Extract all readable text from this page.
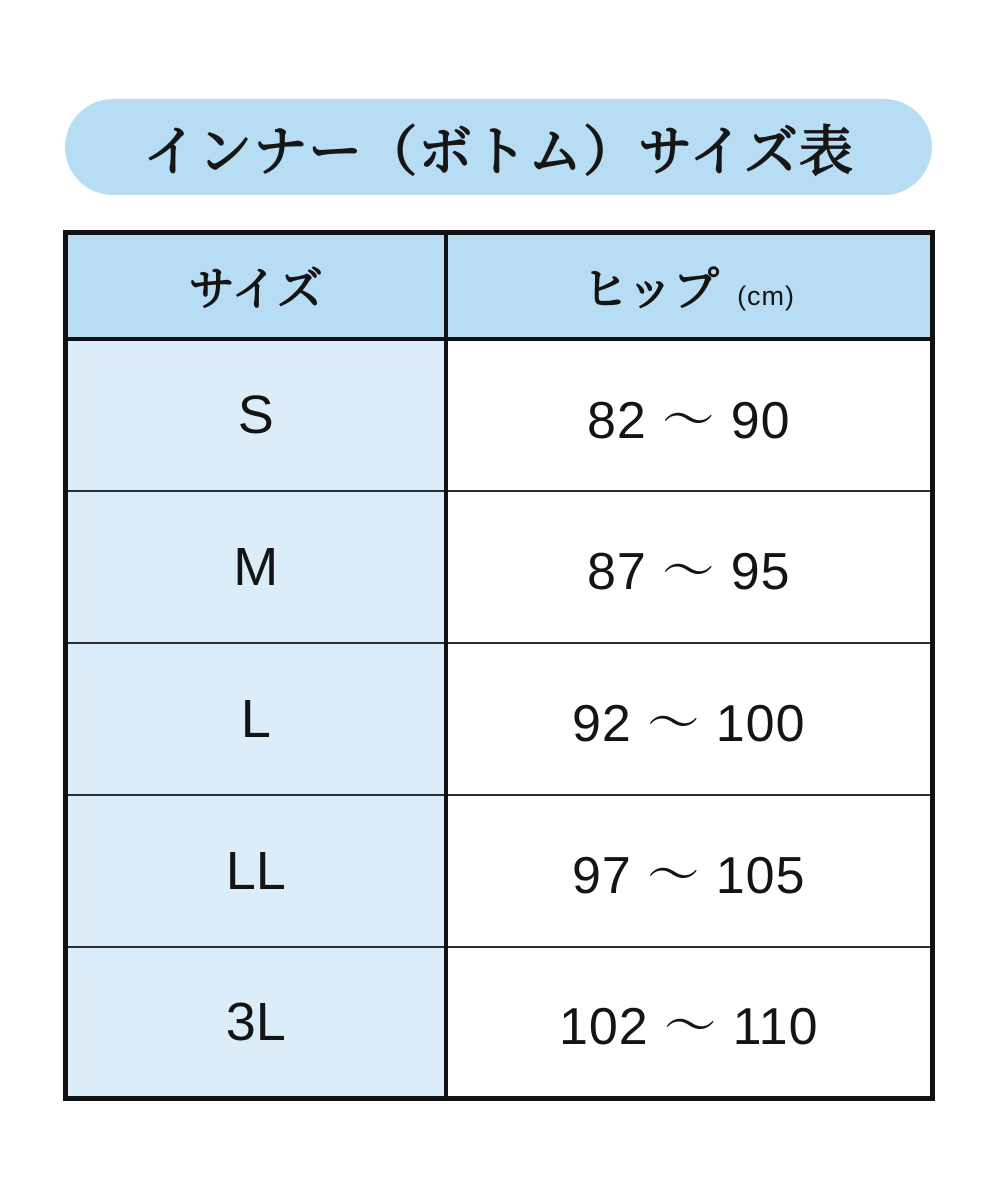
インナー（ボトム）サイズ表
サイズ	ヒップ (cm)
S	82 ～ 90
M	87 ～ 95
L	92 ～ 100
LL	97 ～ 105
3L	102 ～ 110
